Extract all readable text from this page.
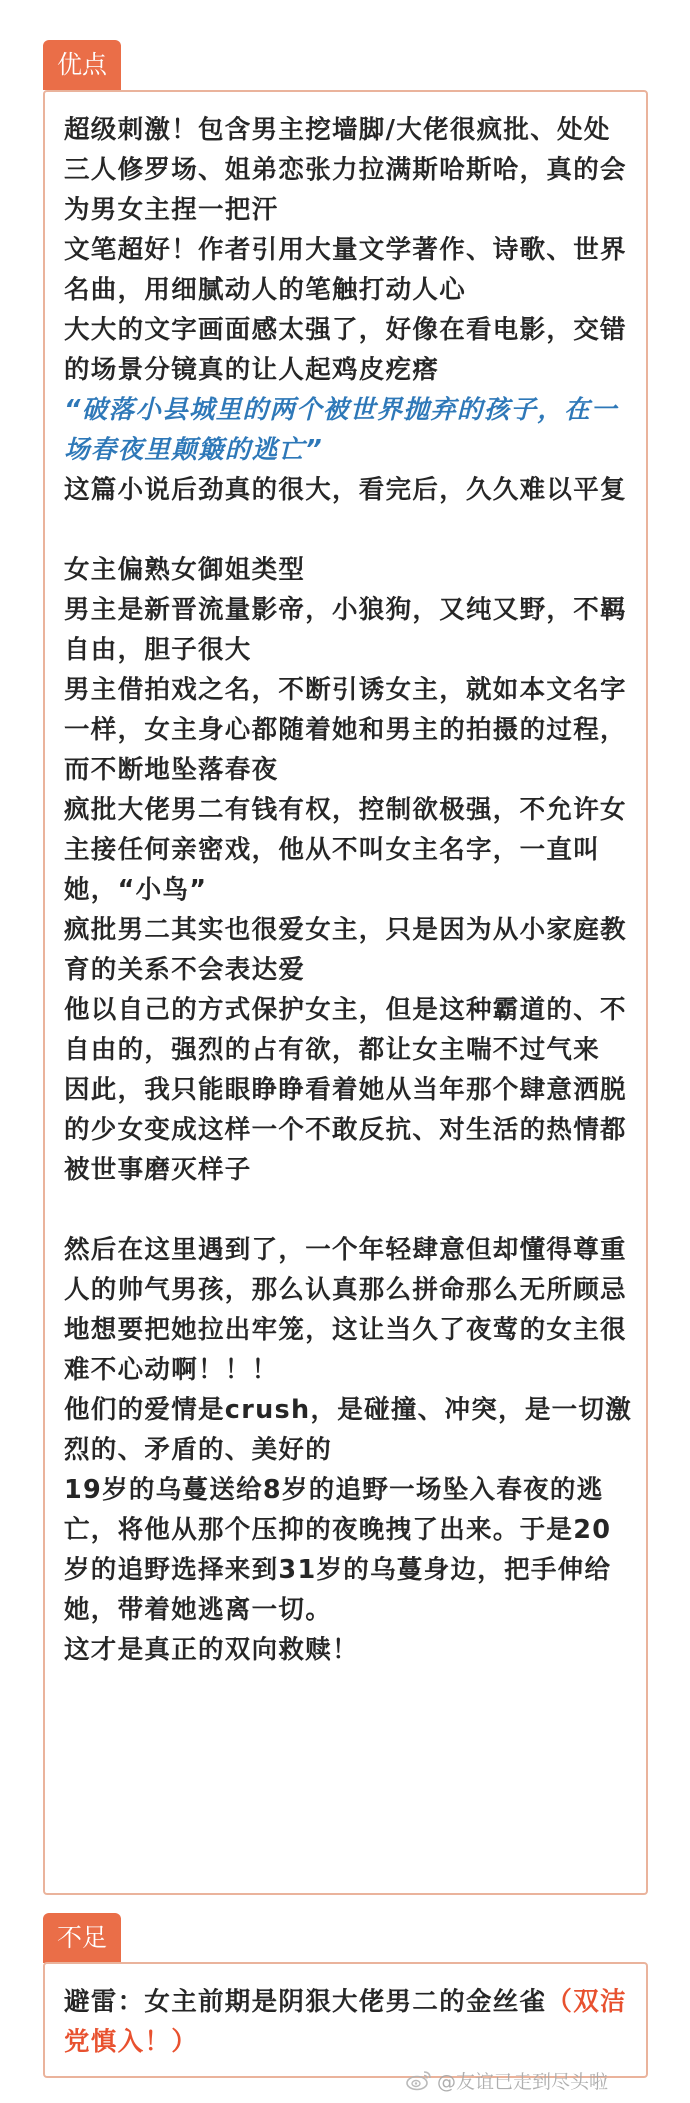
优点
超级刺激！包含男主挖墙脚/大佬很疯批、处处
三人修罗场、姐弟恋张力拉满斯哈斯哈，真的会
为男女主捏一把汗
文笔超好！作者引用大量文学著作、诗歌、世界
名曲，用细腻动人的笔触打动人心
大大的文字画面感太强了，好像在看电影，交错
的场景分镜真的让人起鸡皮疙瘩
“破落小县城里的两个被世界抛弃的孩子，在一
场春夜里颠簸的逃亡”
这篇小说后劲真的很大，看完后，久久难以平复
女主偏熟女御姐类型
男主是新晋流量影帝，小狼狗，又纯又野，不羁
自由，胆子很大
男主借拍戏之名，不断引诱女主，就如本文名字
一样，女主身心都随着她和男主的拍摄的过程，
而不断地坠落春夜
疯批大佬男二有钱有权，控制欲极强，不允许女
主接任何亲密戏，他从不叫女主名字，一直叫
她，“小鸟”
疯批男二其实也很爱女主，只是因为从小家庭教
育的关系不会表达爱
他以自己的方式保护女主，但是这种霸道的、不
自由的，强烈的占有欲，都让女主喘不过气来
因此，我只能眼睁睁看着她从当年那个肆意洒脱
的少女变成这样一个不敢反抗、对生活的热情都
被世事磨灭样子
然后在这里遇到了，一个年轻肆意但却懂得尊重
人的帅气男孩，那么认真那么拼命那么无所顾忌
地想要把她拉出牢笼，这让当久了夜莺的女主很
难不心动啊！！！
他们的爱情是crush，是碰撞、冲突，是一切激
烈的、矛盾的、美好的
19岁的乌蔓送给8岁的追野一场坠入春夜的逃
亡，将他从那个压抑的夜晚拽了出来。于是20
岁的追野选择来到31岁的乌蔓身边，把手伸给
她，带着她逃离一切。
这才是真正的双向救赎！
不足
避雷：女主前期是阴狠大佬男二的金丝雀（双洁
党慎入！）
@友谊已走到尽头啦
